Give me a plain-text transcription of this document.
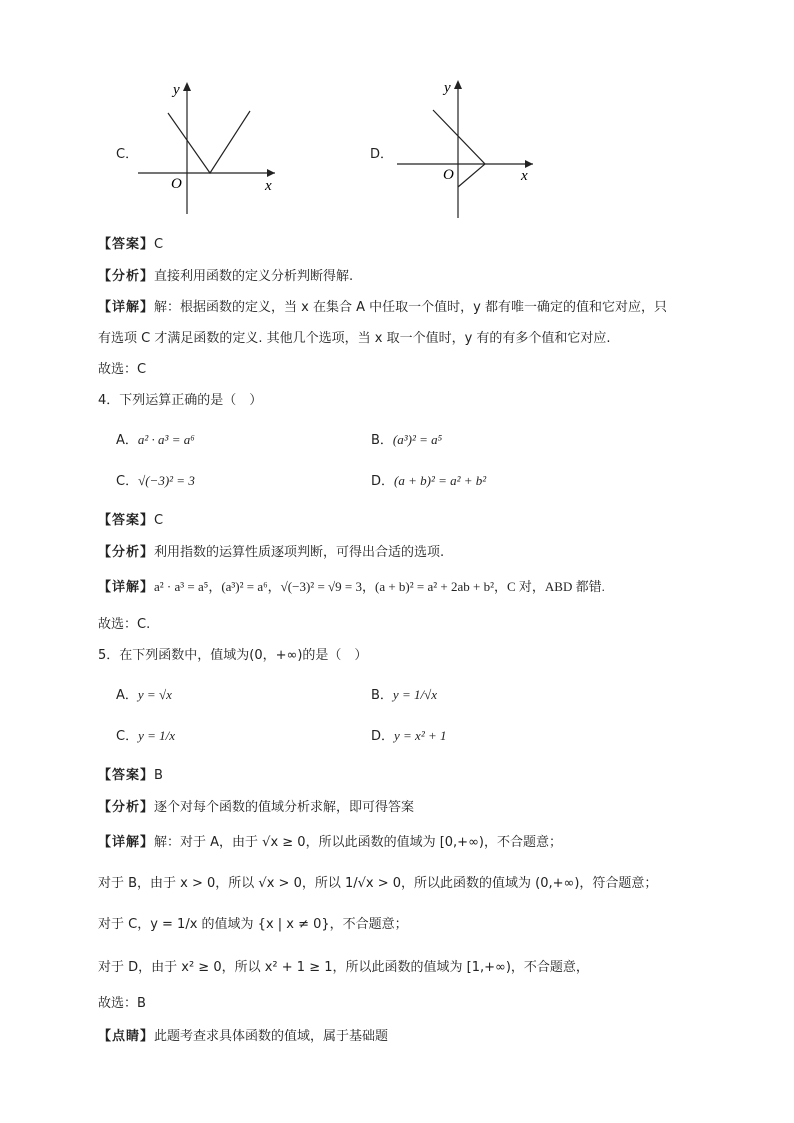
C．
y
x
O
D．
y
x
O
【答案】C
【分析】直接利用函数的定义分析判断得解.
【详解】解：根据函数的定义，当 x 在集合 A 中任取一个值时，y 都有唯一确定的值和它对应，只
有选项 C 才满足函数的定义. 其他几个选项，当 x 取一个值时，y 有的有多个值和它对应.
故选：C
4．下列运算正确的是（　）
A．a² · a³ = a⁶	B．(a³)² = a⁵
C．√(−3)² = 3	D．(a + b)² = a² + b²
【答案】C
【分析】利用指数的运算性质逐项判断，可得出合适的选项.
【详解】a² · a³ = a⁵，(a³)² = a⁶，√(−3)² = √9 = 3，(a + b)² = a² + 2ab + b²，C 对，ABD 都错.
故选：C.
5．在下列函数中，值域为(0，+∞)的是（　）
A．y = √x	B．y = 1/√x
C．y = 1/x	D．y = x² + 1
【答案】B
【分析】逐个对每个函数的值域分析求解，即可得答案
【详解】解：对于 A，由于 √x ≥ 0，所以此函数的值域为 [0,+∞)，不合题意；
对于 B，由于 x > 0，所以 √x > 0，所以 1/√x > 0，所以此函数的值域为 (0,+∞)，符合题意；
对于 C，y = 1/x 的值域为 {x | x ≠ 0}，不合题意；
对于 D，由于 x² ≥ 0，所以 x² + 1 ≥ 1，所以此函数的值域为 [1,+∞)，不合题意，
故选：B
【点睛】此题考查求具体函数的值域，属于基础题
